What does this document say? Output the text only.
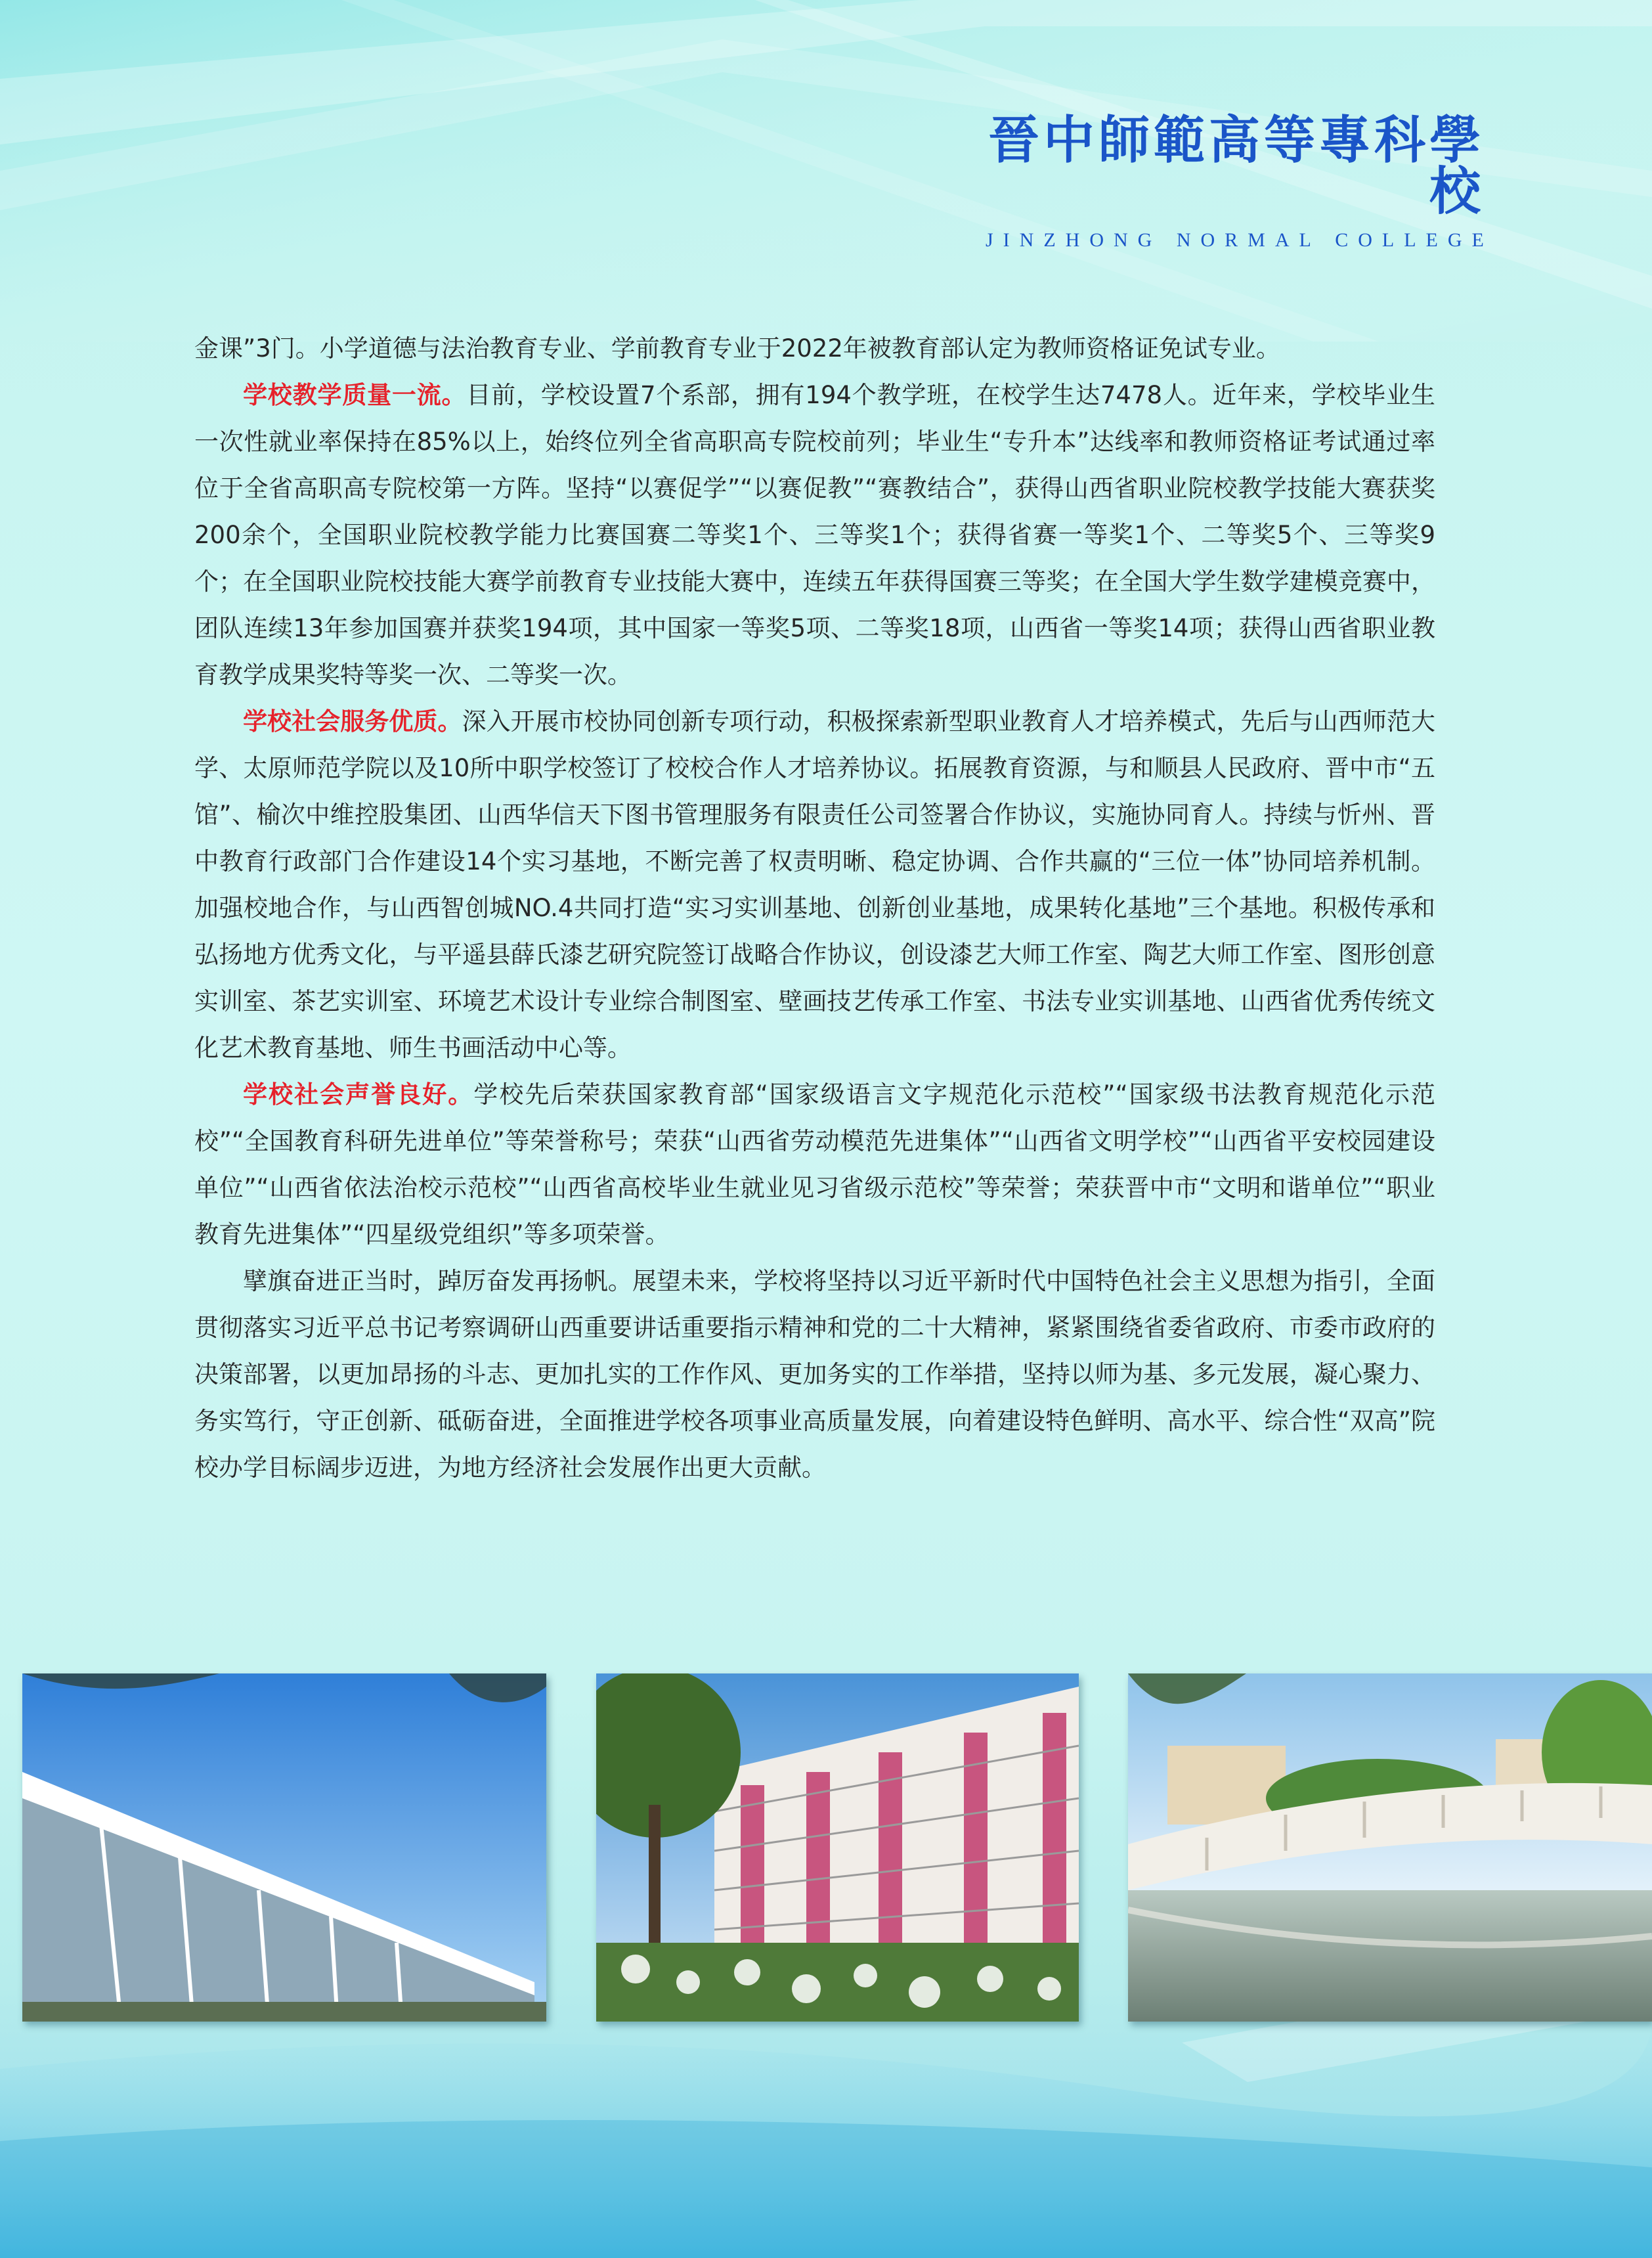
晉中師範高等專科學校
JINZHONG NORMAL COLLEGE

金课”3门。小学道德与法治教育专业、学前教育专业于2022年被教育部认定为教师资格证免试专业。

学校教学质量一流。目前，学校设置7个系部，拥有194个教学班，在校学生达7478人。近年来，学校毕业生一次性就业率保持在85%以上，始终位列全省高职高专院校前列；毕业生“专升本”达线率和教师资格证考试通过率位于全省高职高专院校第一方阵。坚持“以赛促学”“以赛促教”“赛教结合”，获得山西省职业院校教学技能大赛获奖200余个，全国职业院校教学能力比赛国赛二等奖1个、三等奖1个；获得省赛一等奖1个、二等奖5个、三等奖9个；在全国职业院校技能大赛学前教育专业技能大赛中，连续五年获得国赛三等奖；在全国大学生数学建模竞赛中，团队连续13年参加国赛并获奖194项，其中国家一等奖5项、二等奖18项，山西省一等奖14项；获得山西省职业教育教学成果奖特等奖一次、二等奖一次。

学校社会服务优质。深入开展市校协同创新专项行动，积极探索新型职业教育人才培养模式，先后与山西师范大学、太原师范学院以及10所中职学校签订了校校合作人才培养协议。拓展教育资源，与和顺县人民政府、晋中市“五馆”、榆次中维控股集团、山西华信天下图书管理服务有限责任公司签署合作协议，实施协同育人。持续与忻州、晋中教育行政部门合作建设14个实习基地，不断完善了权责明晰、稳定协调、合作共赢的“三位一体”协同培养机制。加强校地合作，与山西智创城NO.4共同打造“实习实训基地、创新创业基地，成果转化基地”三个基地。积极传承和弘扬地方优秀文化，与平遥县薛氏漆艺研究院签订战略合作协议，创设漆艺大师工作室、陶艺大师工作室、图形创意实训室、茶艺实训室、环境艺术设计专业综合制图室、壁画技艺传承工作室、书法专业实训基地、山西省优秀传统文化艺术教育基地、师生书画活动中心等。

学校社会声誉良好。学校先后荣获国家教育部“国家级语言文字规范化示范校”“国家级书法教育规范化示范校”“全国教育科研先进单位”等荣誉称号；荣获“山西省劳动模范先进集体”“山西省文明学校”“山西省平安校园建设单位”“山西省依法治校示范校”“山西省高校毕业生就业见习省级示范校”等荣誉；荣获晋中市“文明和谐单位”“职业教育先进集体”“四星级党组织”等多项荣誉。

擘旗奋进正当时，踔厉奋发再扬帆。展望未来，学校将坚持以习近平新时代中国特色社会主义思想为指引，全面贯彻落实习近平总书记考察调研山西重要讲话重要指示精神和党的二十大精神，紧紧围绕省委省政府、市委市政府的决策部署，以更加昂扬的斗志、更加扎实的工作作风、更加务实的工作举措，坚持以师为基、多元发展，凝心聚力、务实笃行，守正创新、砥砺奋进，全面推进学校各项事业高质量发展，向着建设特色鲜明、高水平、综合性“双高”院校办学目标阔步迈进，为地方经济社会发展作出更大贡献。
